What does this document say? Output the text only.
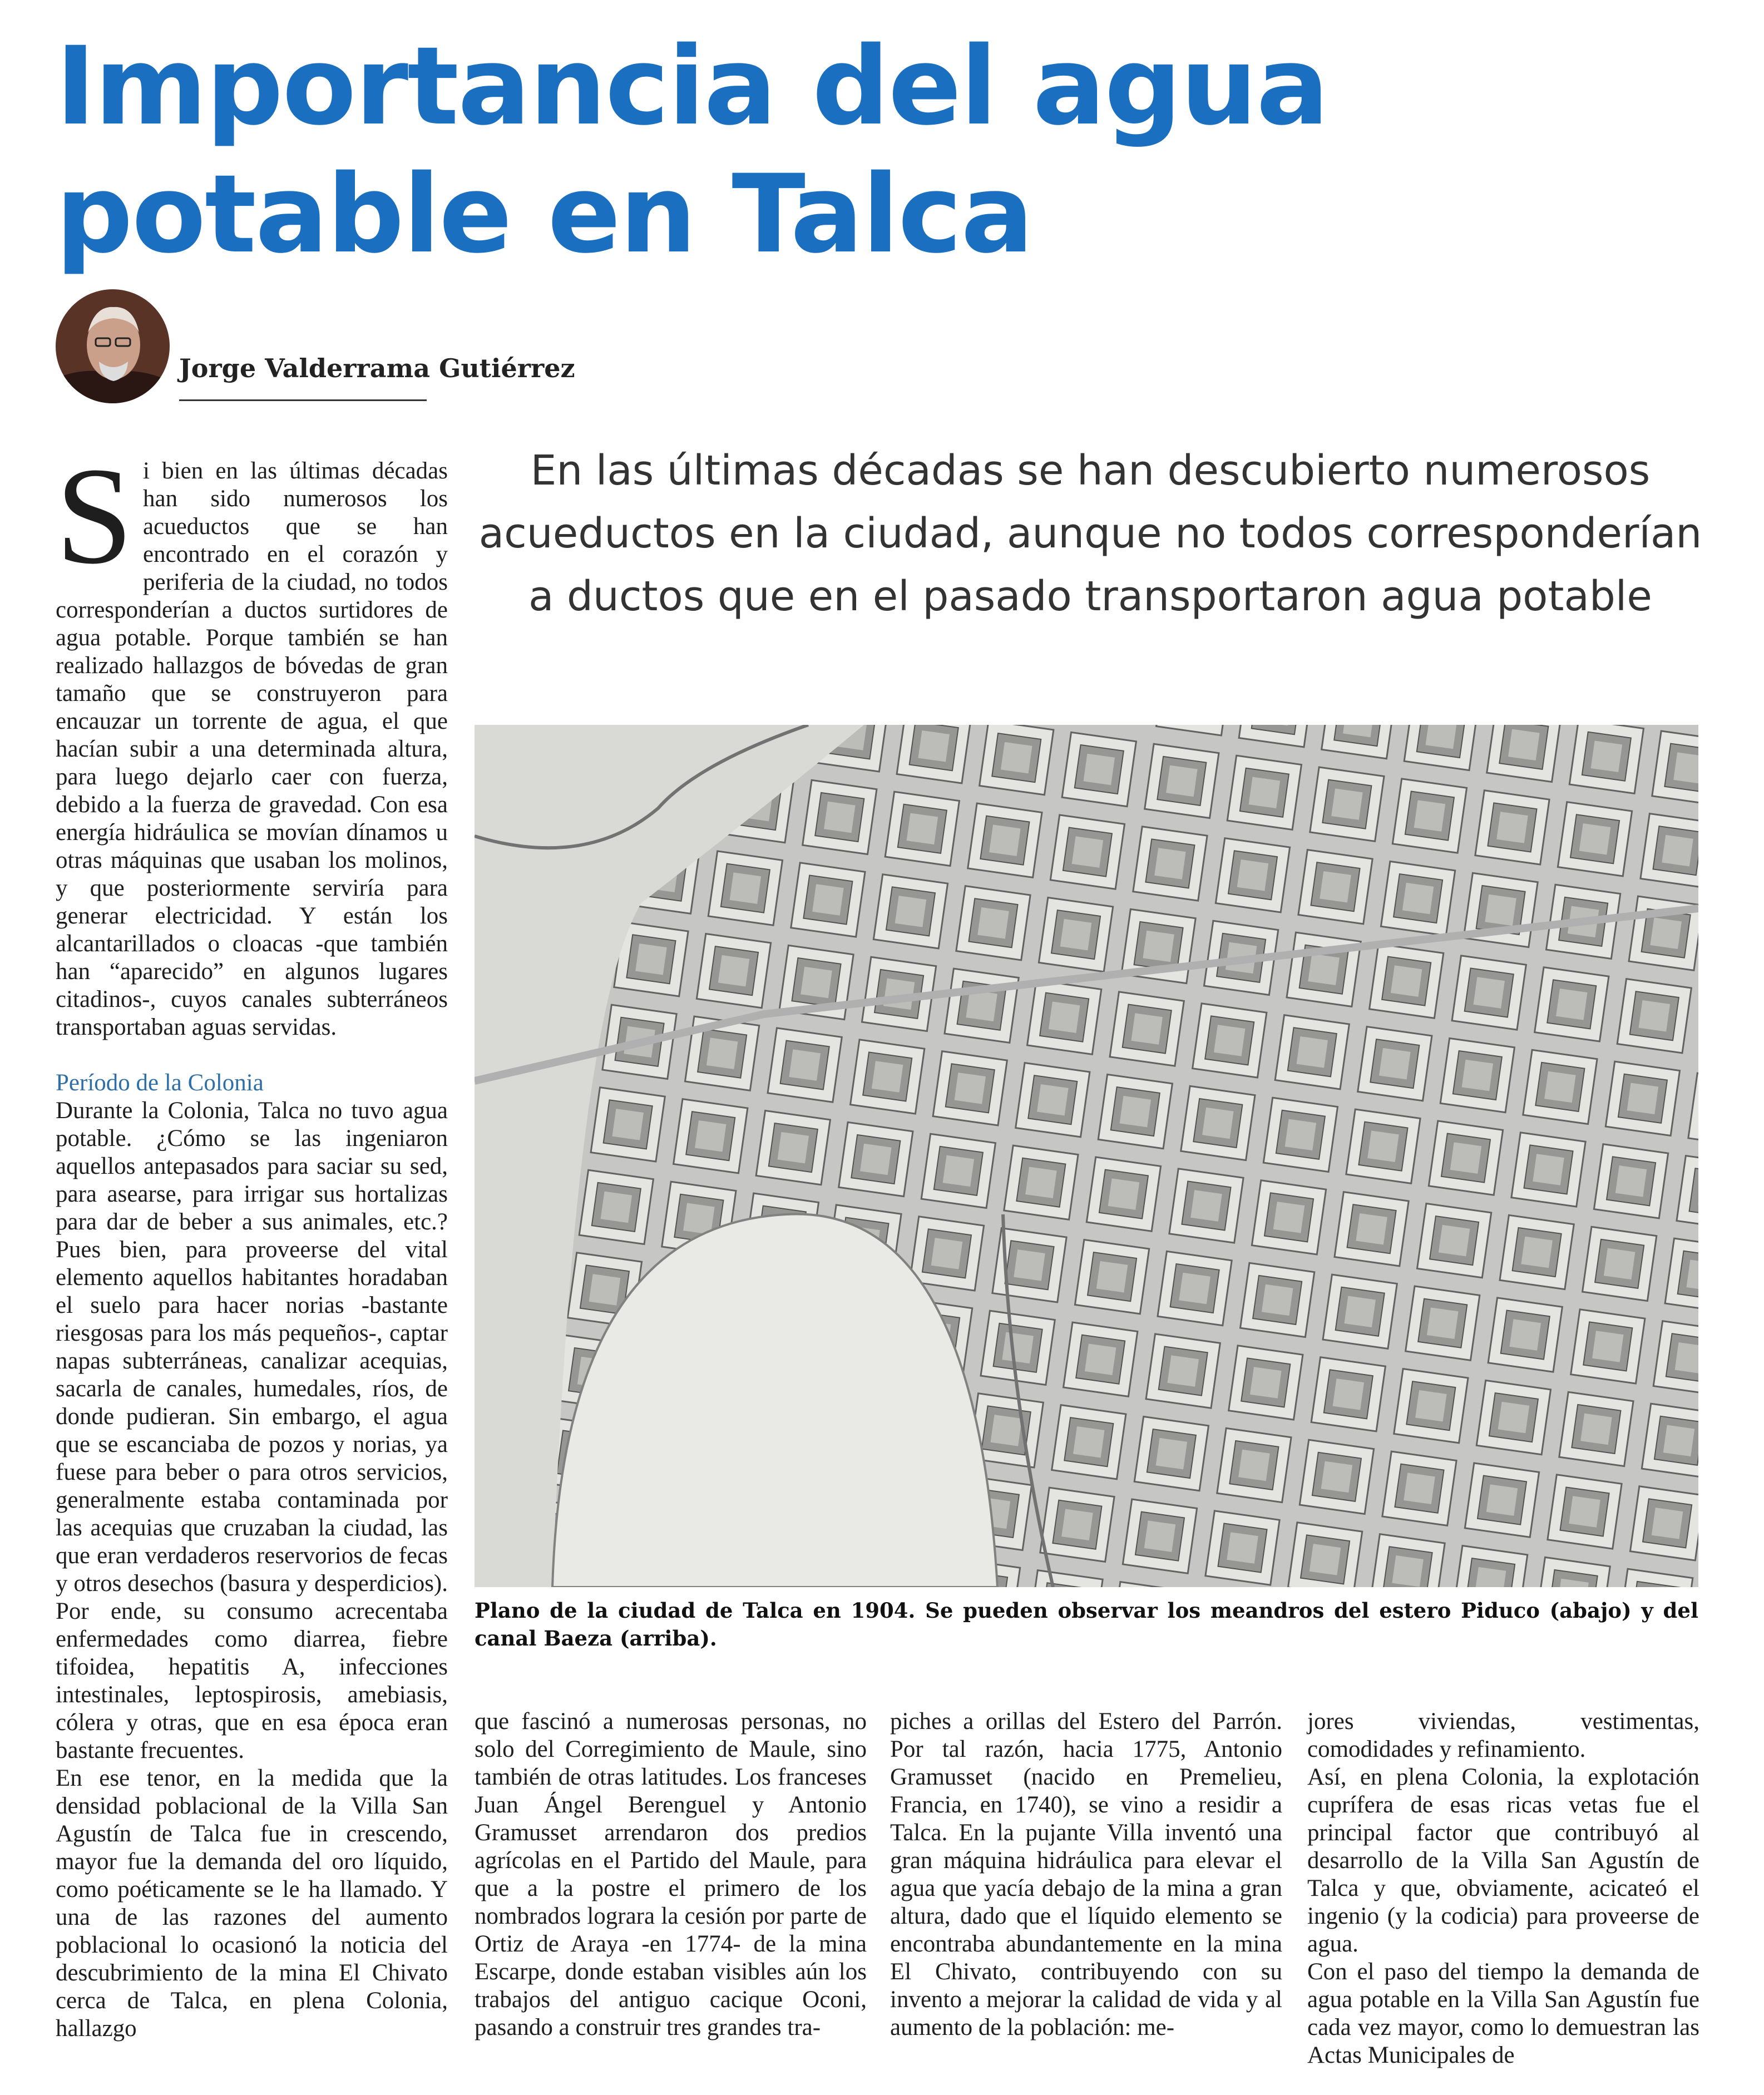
Importancia del agua
potable en Talca

Jorge Valderrama Gutiérrez

En las últimas décadas se han descubierto numerosos acueductos en la ciudad, aunque no todos corresponderían a ductos que en el pasado transportaron agua potable

Plano de la ciudad de Talca en 1904. Se pueden observar los meandros del estero Piduco (abajo) y del canal Baeza (arriba).

S i bien en las últimas décadas han sido numerosos los acueductos que se han encontrado en el corazón y periferia de la ciudad, no todos corresponderían a ductos surtidores de agua potable. Porque también se han realizado hallazgos de bóvedas de gran tamaño que se construyeron para encauzar un torrente de agua, el que hacían subir a una determinada altura, para luego dejarlo caer con fuerza, debido a la fuerza de gravedad. Con esa energía hidráulica se movían dínamos u otras máquinas que usaban los molinos, y que posteriormente serviría para generar electricidad. Y están los alcantarillados o cloacas -que también han “aparecido” en algunos lugares citadinos-, cuyos canales subterráneos transportaban aguas servidas.

Período de la Colonia

Durante la Colonia, Talca no tuvo agua potable. ¿Cómo se las ingeniaron aquellos antepasados para saciar su sed, para asearse, para irrigar sus hortalizas para dar de beber a sus animales, etc.? Pues bien, para proveerse del vital elemento aquellos habitantes horadaban el suelo para hacer norias -bastante riesgosas para los más pequeños-, captar napas subterráneas, canalizar acequias, sacarla de canales, humedales, ríos, de donde pudieran. Sin embargo, el agua que se escanciaba de pozos y norias, ya fuese para beber o para otros servicios, generalmente estaba contaminada por las acequias que cruzaban la ciudad, las que eran verdaderos reservorios de fecas y otros desechos (basura y desperdicios). Por ende, su consumo acrecentaba enfermedades como diarrea, fiebre tifoidea, hepatitis A, infecciones intestinales, leptospirosis, amebiasis, cólera y otras, que en esa época eran bastante frecuentes.

En ese tenor, en la medida que la densidad poblacional de la Villa San Agustín de Talca fue in crescendo, mayor fue la demanda del oro líquido, como poéticamente se le ha llamado. Y una de las razones del aumento poblacional lo ocasionó la noticia del descubrimiento de la mina El Chivato cerca de Talca, en plena Colonia, hallazgo

que fascinó a numerosas personas, no solo del Corregimiento de Maule, sino también de otras latitudes. Los franceses Juan Ángel Berenguel y Antonio Gramusset arrendaron dos predios agrícolas en el Partido del Maule, para que a la postre el primero de los nombrados lograra la cesión por parte de Ortiz de Araya -en 1774- de la mina Escarpe, donde estaban visibles aún los trabajos del antiguo cacique Oconi, pasando a construir tres grandes tra-

piches a orillas del Estero del Parrón. Por tal razón, hacia 1775, Antonio Gramusset (nacido en Premelieu, Francia, en 1740), se vino a residir a Talca. En la pujante Villa inventó una gran máquina hidráulica para elevar el agua que yacía debajo de la mina a gran altura, dado que el líquido elemento se encontraba abundantemente en la mina El Chivato, contribuyendo con su invento a mejorar la calidad de vida y al aumento de la población: me-

jores viviendas, vestimentas, comodidades y refinamiento.

Así, en plena Colonia, la explotación cuprífera de esas ricas vetas fue el principal factor que contribuyó al desarrollo de la Villa San Agustín de Talca y que, obviamente, acicateó el ingenio (y la codicia) para proveerse de agua.

Con el paso del tiempo la demanda de agua potable en la Villa San Agustín fue cada vez mayor, como lo demuestran las Actas Municipales de
